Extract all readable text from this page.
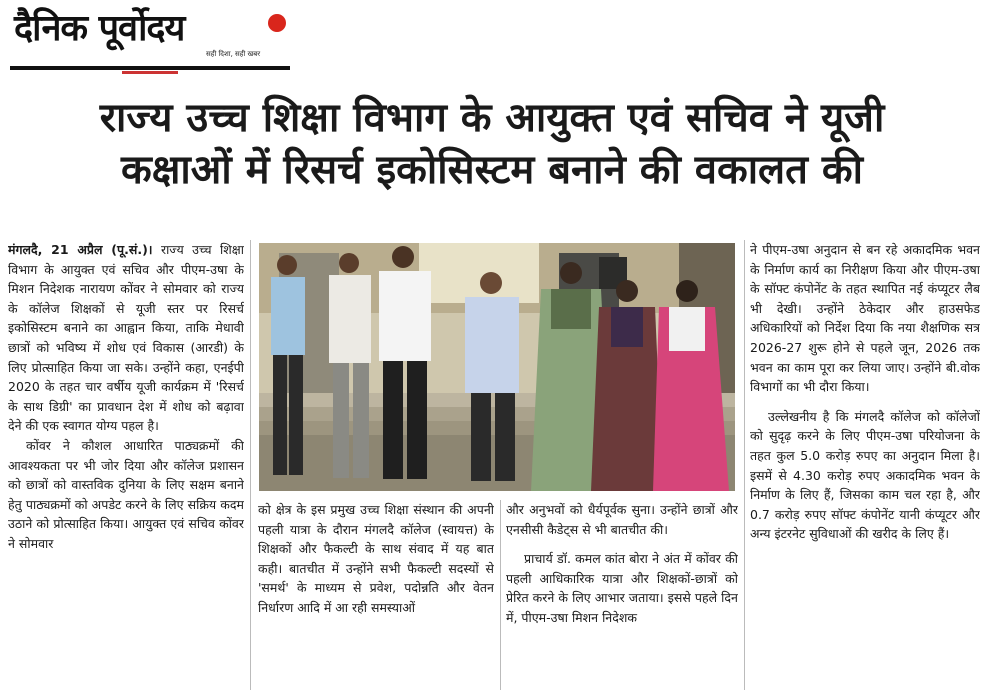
दैनिक पूर्वोदय
सही दिशा, सही खबर
राज्य उच्च शिक्षा विभाग के आयुक्त एवं सचिव ने यूजी
कक्षाओं में रिसर्च इकोसिस्टम बनाने की वकालत की

मंगलदै, 21 अप्रैल (पू.सं.)। राज्य उच्च शिक्षा विभाग के आयुक्त एवं सचिव और पीएम-उषा के मिशन निदेशक नारायण कोंवर ने सोमवार को राज्य के कॉलेज शिक्षकों से यूजी स्तर पर रिसर्च इकोसिस्टम बनाने का आह्वान किया, ताकि मेधावी छात्रों को भविष्य में शोध एवं विकास (आरडी) के लिए प्रोत्साहित किया जा सके। उन्होंने कहा, एनईपी 2020 के तहत चार वर्षीय यूजी कार्यक्रम में 'रिसर्च के साथ डिग्री' का प्रावधान देश में शोध को बढ़ावा देने की एक स्वागत योग्य पहल है।

कोंवर ने कौशल आधारित पाठ्यक्रमों की आवश्यकता पर भी जोर दिया और कॉलेज प्रशासन को छात्रों को वास्तविक दुनिया के लिए सक्षम बनाने हेतु पाठ्यक्रमों को अपडेट करने के लिए सक्रिय कदम उठाने को प्रोत्साहित किया। आयुक्त एवं सचिव कोंवर ने सोमवार

को क्षेत्र के इस प्रमुख उच्च शिक्षा संस्थान की अपनी पहली यात्रा के दौरान मंगलदै कॉलेज (स्वायत्त) के शिक्षकों और फैकल्टी के साथ संवाद में यह बात कही। बातचीत में उन्होंने सभी फैकल्टी सदस्यों से 'समर्थ' के माध्यम से प्रवेश, पदोन्नति और वेतन निर्धारण आदि में आ रही समस्याओं

और अनुभवों को धैर्यपूर्वक सुना। उन्होंने छात्रों और एनसीसी कैडेट्स से भी बातचीत की।

प्राचार्य डॉ. कमल कांत बोरा ने अंत में कोंवर की पहली आधिकारिक यात्रा और शिक्षकों-छात्रों को प्रेरित करने के लिए आभार जताया। इससे पहले दिन में, पीएम-उषा मिशन निदेशक

ने पीएम-उषा अनुदान से बन रहे अकादमिक भवन के निर्माण कार्य का निरीक्षण किया और पीएम-उषा के सॉफ्ट कंपोनेंट के तहत स्थापित नई कंप्यूटर लैब भी देखी। उन्होंने ठेकेदार और हाउसफेड अधिकारियों को निर्देश दिया कि नया शैक्षणिक सत्र 2026-27 शुरू होने से पहले जून, 2026 तक भवन का काम पूरा कर लिया जाए। उन्होंने बी.वोक विभागों का भी दौरा किया।

उल्लेखनीय है कि मंगलदै कॉलेज को कॉलेजों को सुदृढ़ करने के लिए पीएम-उषा परियोजना के तहत कुल 5.0 करोड़ रुपए का अनुदान मिला है। इसमें से 4.30 करोड़ रुपए अकादमिक भवन के निर्माण के लिए हैं, जिसका काम चल रहा है, और 0.7 करोड़ रुपए सॉफ्ट कंपोनेंट यानी कंप्यूटर और अन्य इंटरनेट सुविधाओं की खरीद के लिए हैं।
